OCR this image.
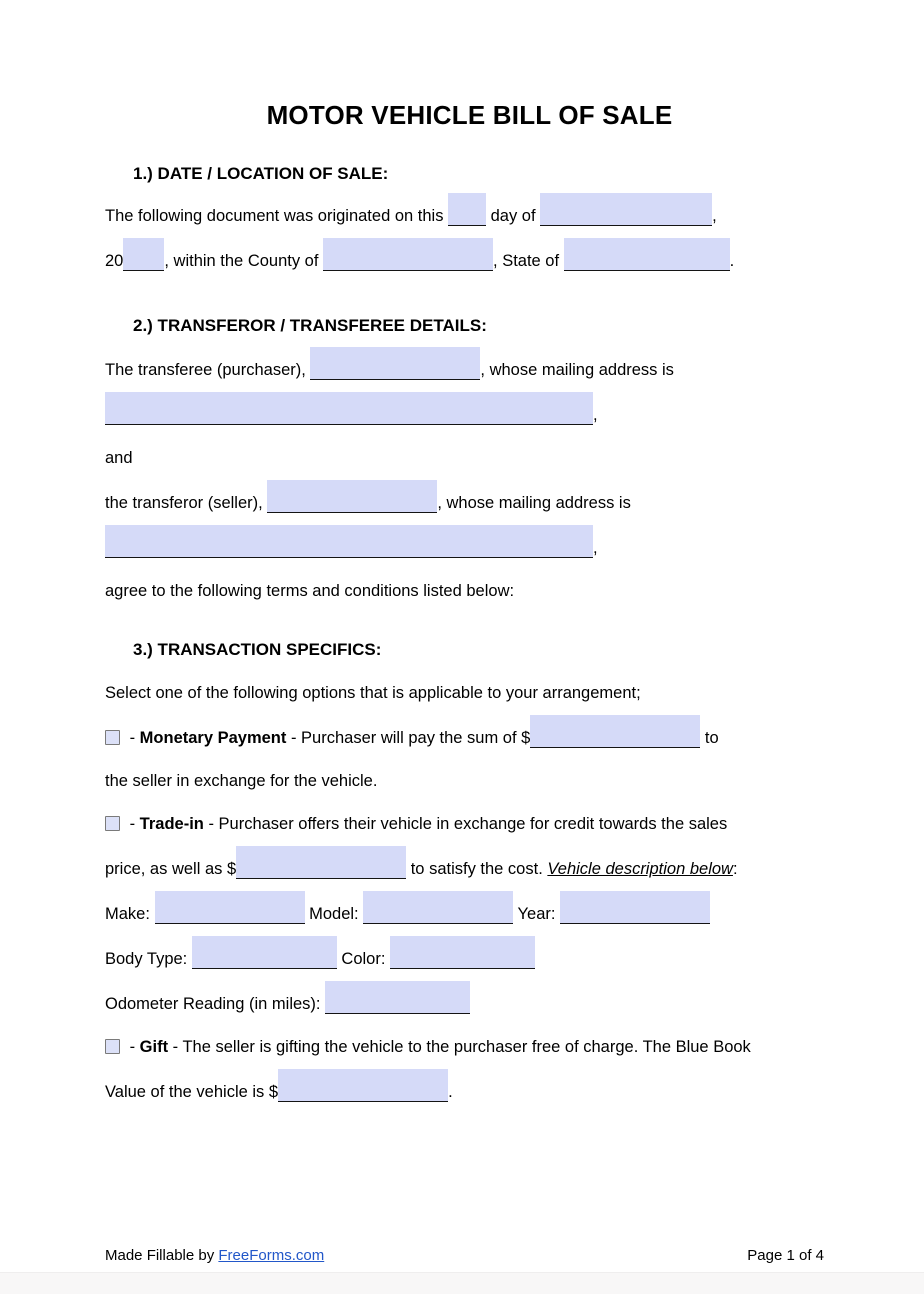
MOTOR VEHICLE BILL OF SALE
1.) DATE / LOCATION OF SALE:
The following document was originated on this  day of	,
20 , within the County of	, State of	.
2.) TRANSFEROR / TRANSFEREE DETAILS:
The transferee (purchaser),	, whose mailing address is
,
and
the transferor (seller),	, whose mailing address is
,
agree to the following terms and conditions listed below:
3.) TRANSACTION SPECIFICS:
Select one of the following options that is applicable to your arrangement;
- Monetary Payment - Purchaser will pay the sum of $	to
the seller in exchange for the vehicle.
- Trade-in - Purchaser offers their vehicle in exchange for credit towards the sales
price, as well as $	to satisfy the cost. Vehicle description below:
Make:	Model:	Year:
Body Type:	Color:
Odometer Reading (in miles):
- Gift - The seller is gifting the vehicle to the purchaser free of charge. The Blue Book
Value of the vehicle is $	.
Made Fillable by FreeForms.com	Page 1 of 4
